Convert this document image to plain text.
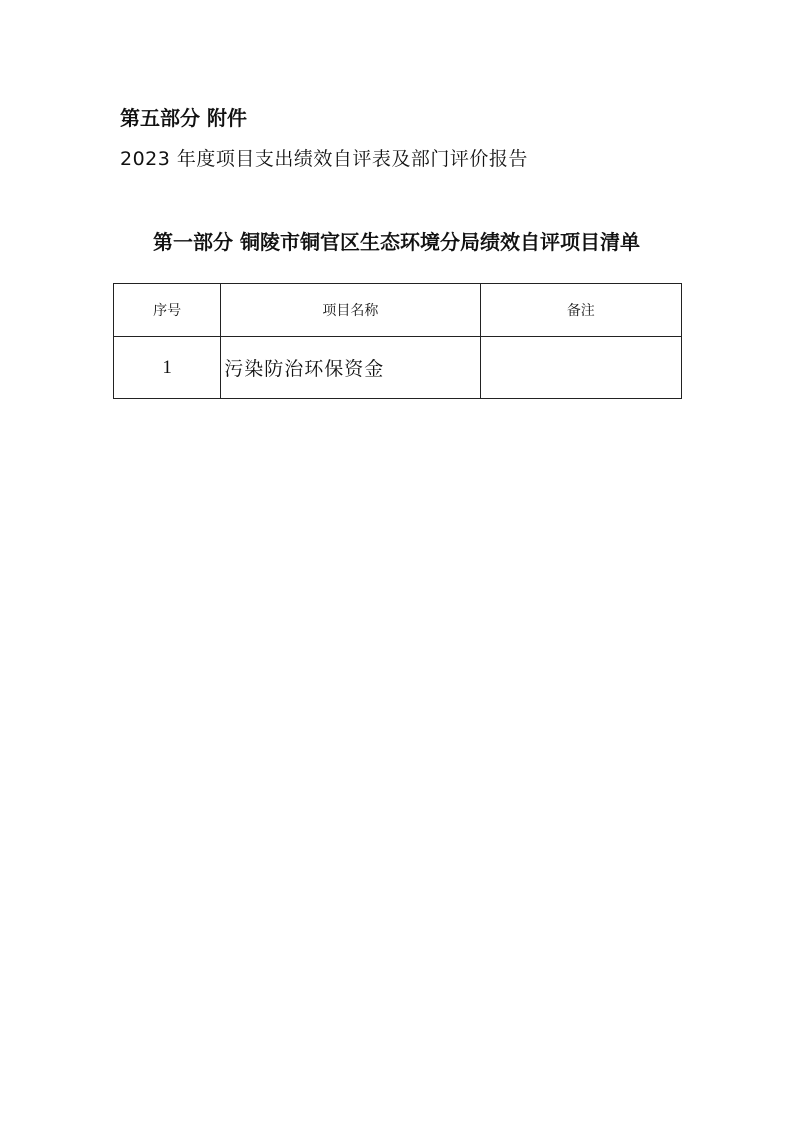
第五部分 附件
2023 年度项目支出绩效自评表及部门评价报告
第一部分 铜陵市铜官区生态环境分局绩效自评项目清单
序号	项目名称	备注
1	污染防治环保资金	
